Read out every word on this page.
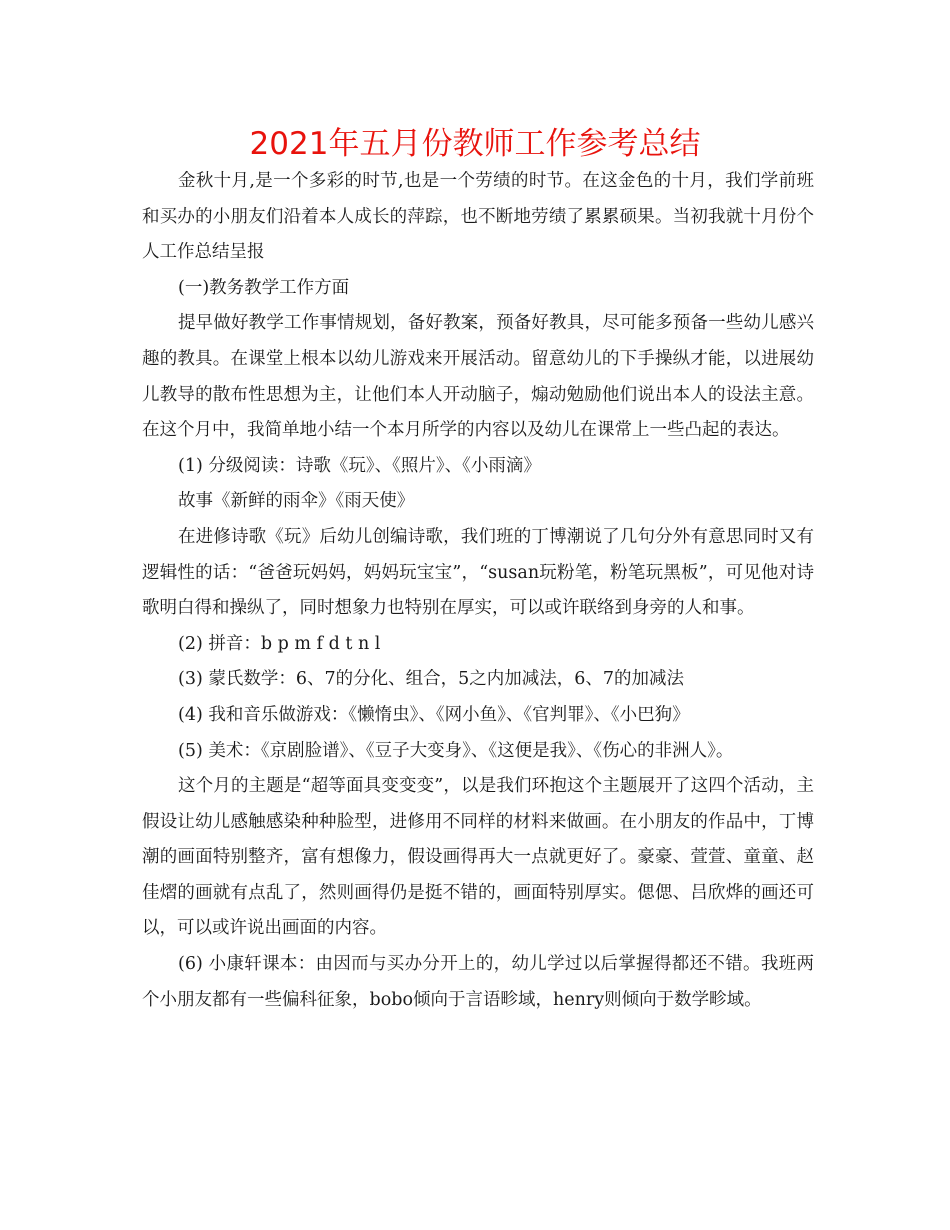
2021年五月份教师工作参考总结

金秋十月,是一个多彩的时节,也是一个劳绩的时节。在这金色的十月，我们学前班和买办的小朋友们沿着本人成长的萍踪，也不断地劳绩了累累硕果。当初我就十月份个人工作总结呈报

(一)教务教学工作方面

提早做好教学工作事情规划，备好教案，预备好教具，尽可能多预备一些幼儿感兴趣的教具。在课堂上根本以幼儿游戏来开展活动。留意幼儿的下手操纵才能，以进展幼儿教导的散布性思想为主，让他们本人开动脑子，煽动勉励他们说出本人的设法主意。在这个月中，我简单地小结一个本月所学的内容以及幼儿在课常上一些凸起的表达。

(1) 分级阅读：诗歌《玩》、《照片》、《小雨滴》

故事《新鲜的雨伞》《雨天使》

在进修诗歌《玩》后幼儿创编诗歌，我们班的丁博潮说了几句分外有意思同时又有逻辑性的话：“爸爸玩妈妈，妈妈玩宝宝”，“susan玩粉笔，粉笔玩黑板”，可见他对诗歌明白得和操纵了，同时想象力也特别在厚实，可以或许联络到身旁的人和事。

(2) 拼音：b p m f d t n l

(3) 蒙氏数学：6、7的分化、组合，5之内加减法，6、7的加减法

(4) 我和音乐做游戏：《懒惰虫》、《网小鱼》、《官判罪》、《小巴狗》

(5) 美术：《京剧脸谱》、《豆子大变身》、《这便是我》、《伤心的非洲人》。

这个月的主题是“超等面具变变变”，以是我们环抱这个主题展开了这四个活动，主假设让幼儿感触感染种种脸型，进修用不同样的材料来做画。在小朋友的作品中，丁博潮的画面特别整齐，富有想像力，假设画得再大一点就更好了。豪豪、萱萱、童童、赵佳熠的画就有点乱了，然则画得仍是挺不错的，画面特别厚实。偲偲、吕欣烨的画还可以，可以或许说出画面的内容。

(6) 小康轩课本：由因而与买办分开上的，幼儿学过以后掌握得都还不错。我班两个小朋友都有一些偏科征象，bobo倾向于言语畛域，henry则倾向于数学畛域。
